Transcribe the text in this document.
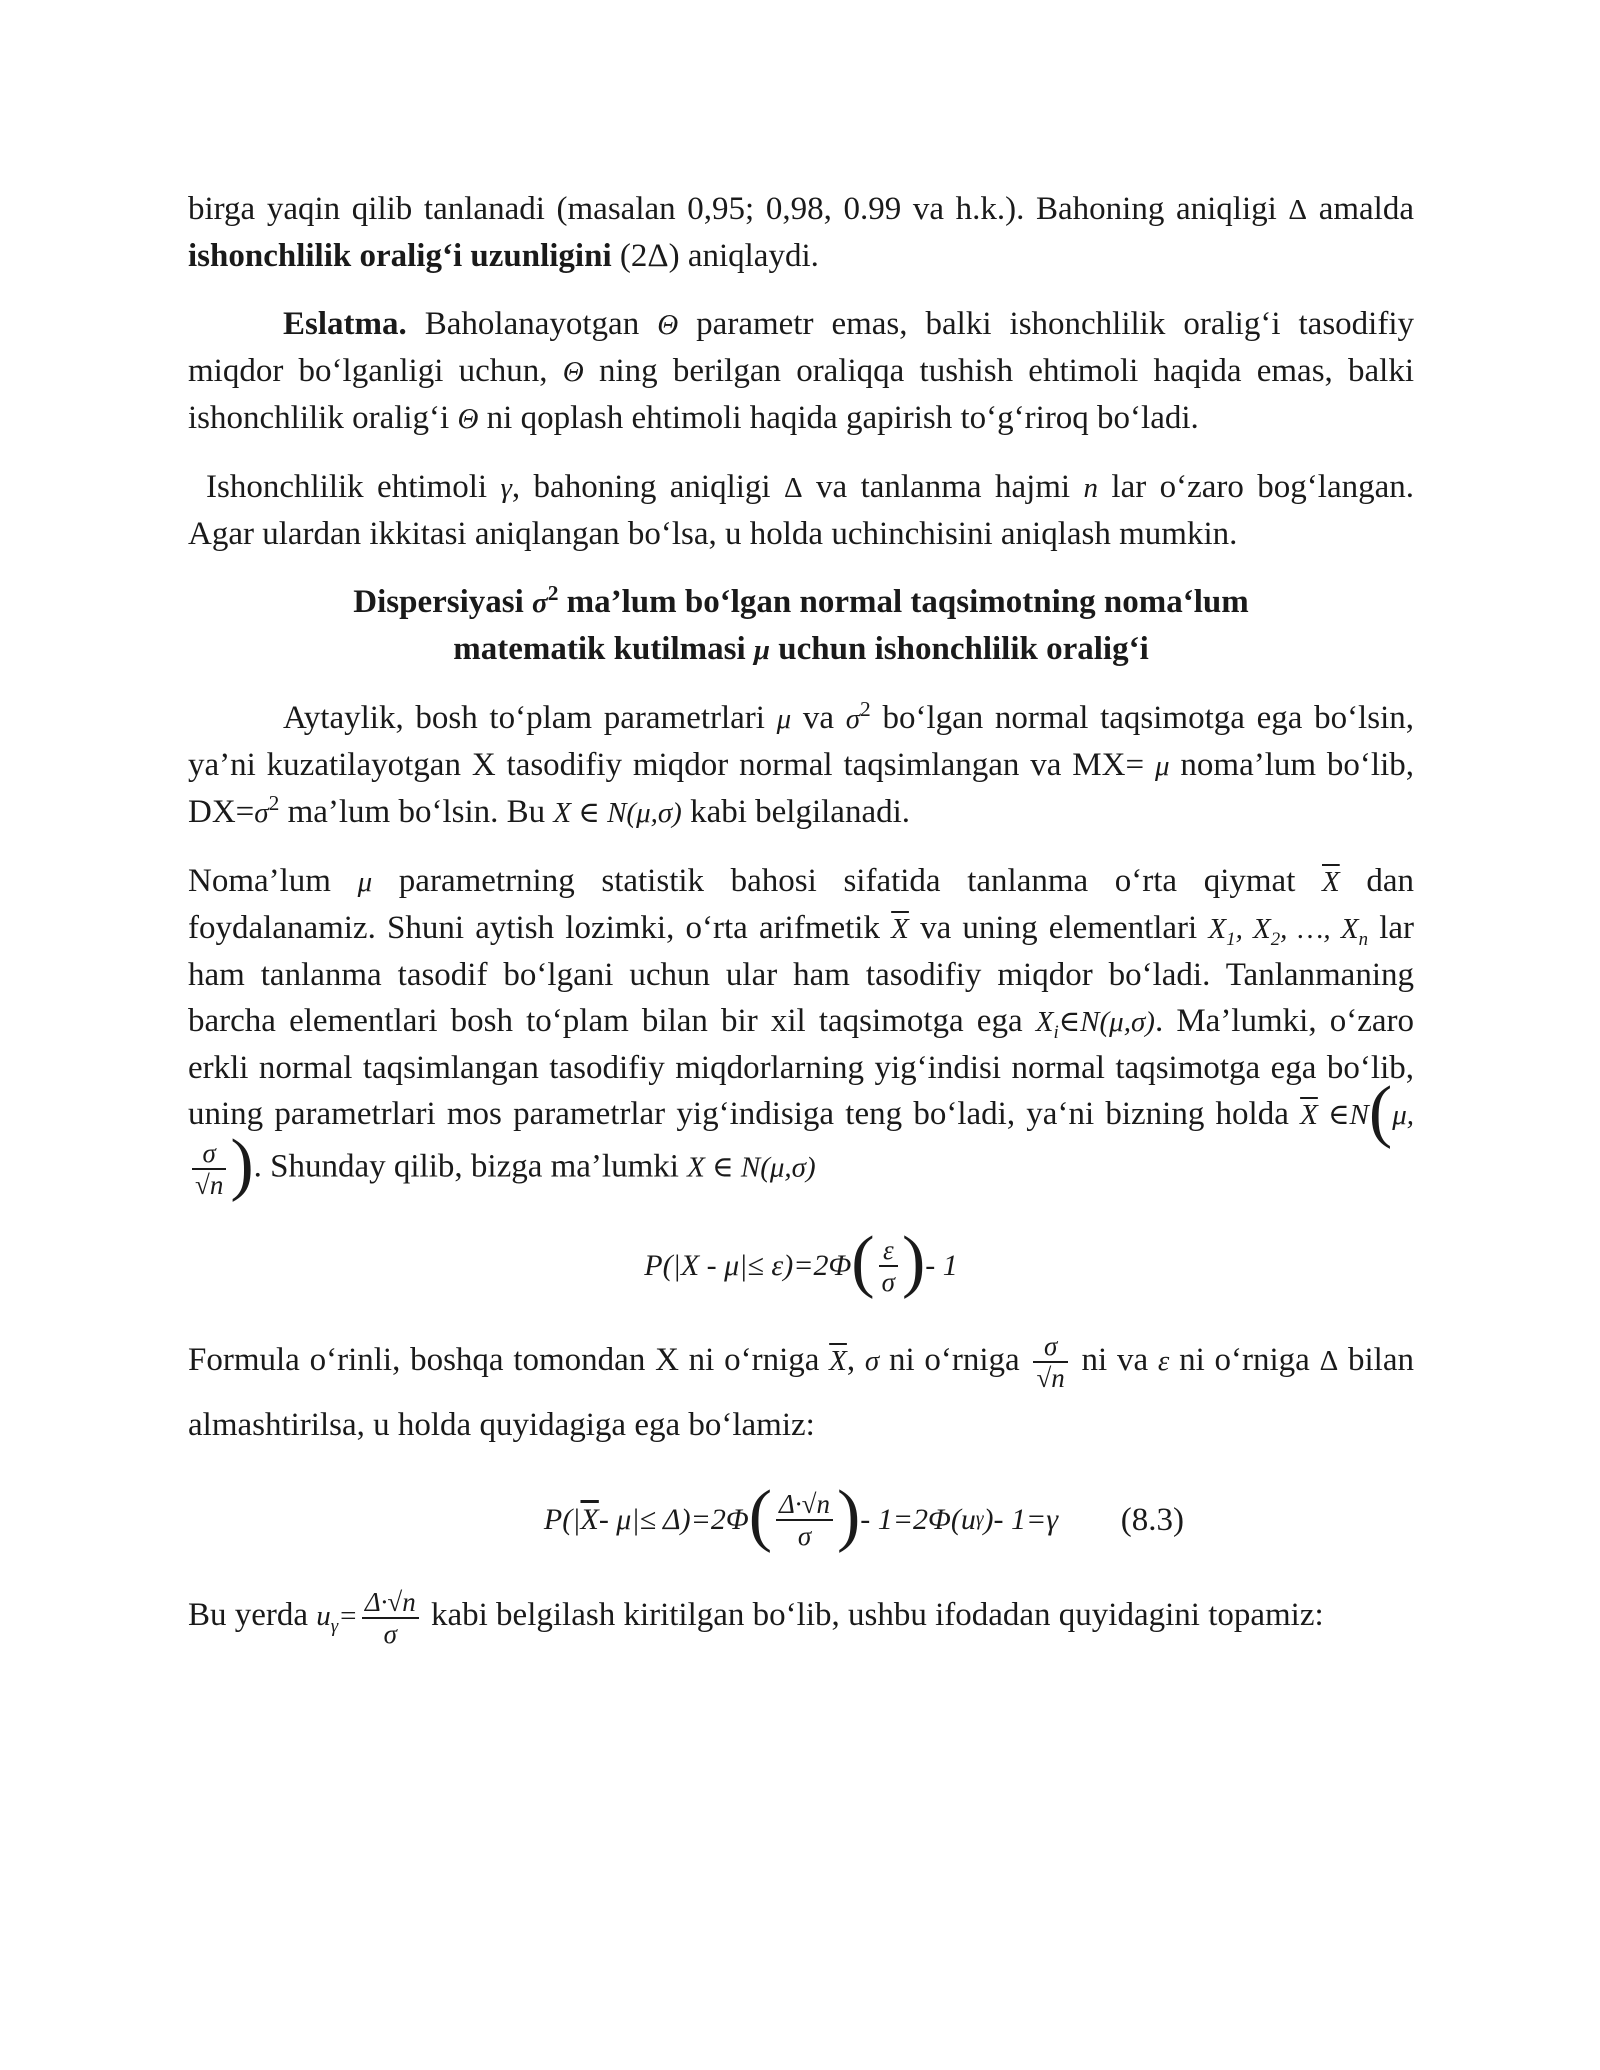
birga yaqin qilib tanlanadi (masalan 0,95; 0,98, 0.99 va h.k.). Bahoning aniqligi Δ amalda ishonchlilik oralig‘i uzunligini (2Δ) aniqlaydi.

Eslatma. Baholanayotgan Θ parametr emas, balki ishonchlilik oralig‘i tasodifiy miqdor bo‘lganligi uchun, Θ ning berilgan oraliqqa tushish ehtimoli haqida emas, balki ishonchlilik oralig‘i Θ ni qoplash ehtimoli haqida gapirish to‘g‘riroq bo‘ladi.

Ishonchlilik ehtimoli γ, bahoning aniqligi Δ va tanlanma hajmi n lar o‘zaro bog‘langan. Agar ulardan ikkitasi aniqlangan bo‘lsa, u holda uchinchisini aniqlash mumkin.

Dispersiyasi $\sigma^2$ ma’lum bo‘lgan normal taqsimotning noma‘lum
matematik kutilmasi μ uchun ishonchlilik oralig‘i

Aytaylik, bosh to‘plam parametrlari μ va $\sigma^2$ bo‘lgan normal taqsimotga ega bo‘lsin, ya’ni kuzatilayotgan X tasodifiy miqdor normal taqsimlangan va MX= μ noma’lum bo‘lib, $DX=\sigma^2$ ma’lum bo‘lsin. Bu X ∈ N(μ,σ) kabi belgilanadi.

Noma’lum μ parametrning statistik bahosi sifatida tanlanma o‘rta qiymat $\overline{X}$ dan foydalanamiz. Shuni aytish lozimki, o‘rta arifmetik $\overline{X}$ va uning elementlari $X_1$, $X_2$, …, $X_n$ lar ham tanlanma tasodif bo‘lgani uchun ular ham tasodifiy miqdor bo‘ladi. Tanlanmaning barcha elementlari bosh to‘plam bilan bir xil taqsimotga ega $X_i\in N(\mu,\sigma)$. Ma’lumki, o‘zaro erkli normal taqsimlangan tasodifiy miqdorlarning yig‘indisi normal taqsimotga ega bo‘lib, uning parametrlari mos parametrlar yig‘indisiga teng bo‘ladi, ya‘ni bizning holda $\overline{X}$ ∈N(μ,
$\frac{\sigma}{√n}$ ). Shunday qilib, bizga ma’lumki X ∈ N(μ,σ)

P(|X - μ|≤ ε)=2Φ ( $\frac{\varepsilon}{\sigma}$ ) - 1

Formula o‘rinli, boshqa tomondan X ni o‘rniga $\overline{X}$, σ ni o‘rniga $\frac{\sigma}{√n}$ ni va ε ni o‘rniga Δ bilan almashtirilsa, u holda quyidagiga ega bo‘lamiz:

P(| $\overline{X} - \mu|\le \Delta)=2\Phi$ ( $\frac{\Delta\cdot√n}{\sigma}$ ) - 1=2Φ(u γ )- 1=γ (8.3)

Bu yerda $u_\gamma= \frac{\Delta\cdot√n}{\sigma}$ kabi belgilash kiritilgan bo‘lib, ushbu ifodadan quyidagini topamiz:
